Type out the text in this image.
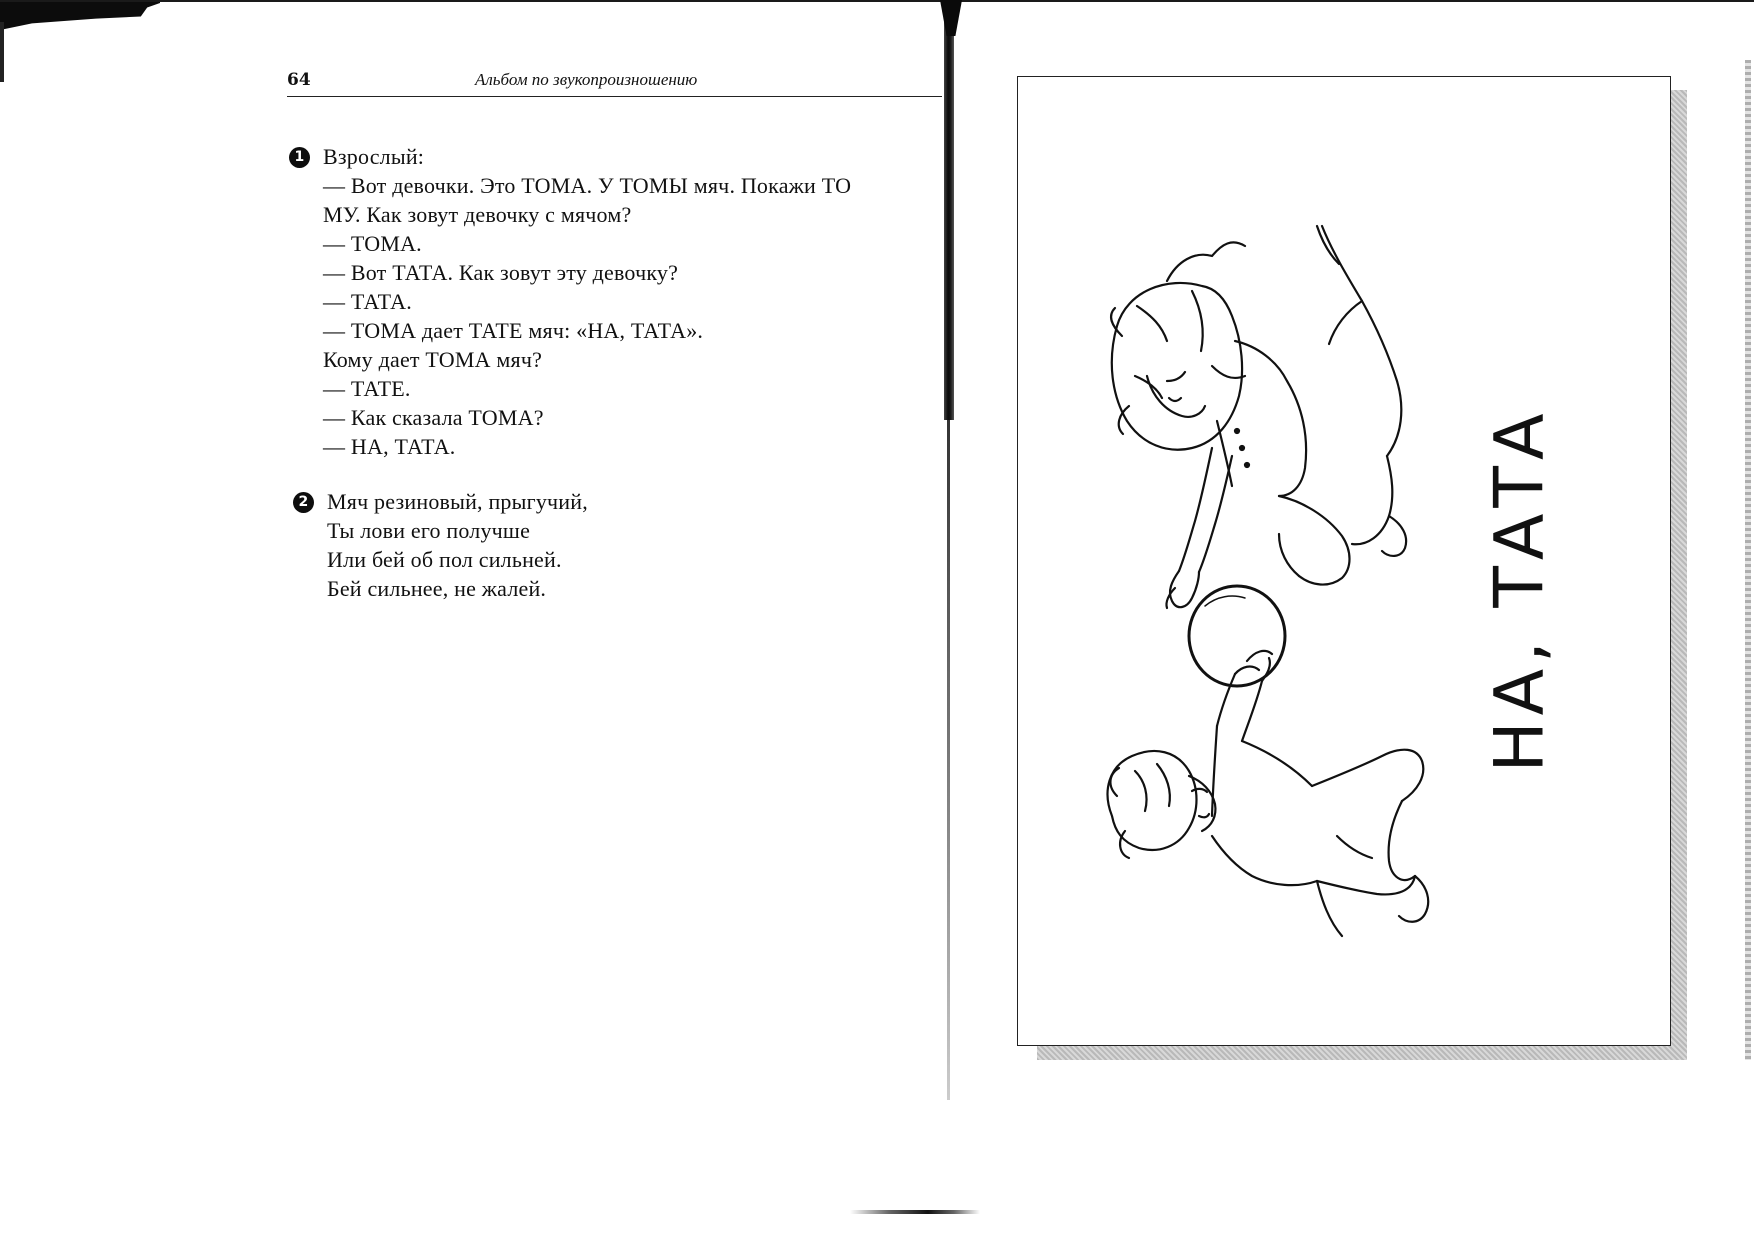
64	Альбом по звукопроизношению
1 Взрослый:
— Вот девочки. Это ТОМА. У ТОМЫ мяч. Покажи ТО
МУ. Как зовут девочку с мячом?
— ТОМА.
— Вот ТАТА. Как зовут эту девочку?
— ТАТА.
— ТОМА дает ТАТЕ мяч: «НА, ТАТА».
Кому дает ТОМА мяч?
— ТАТЕ.
— Как сказала ТОМА?
— НА, ТАТА.
2 Мяч резиновый, прыгучий,
Ты лови его получше
Или бей об пол сильней.
Бей сильнее, не жалей.	НА, ТАТА
